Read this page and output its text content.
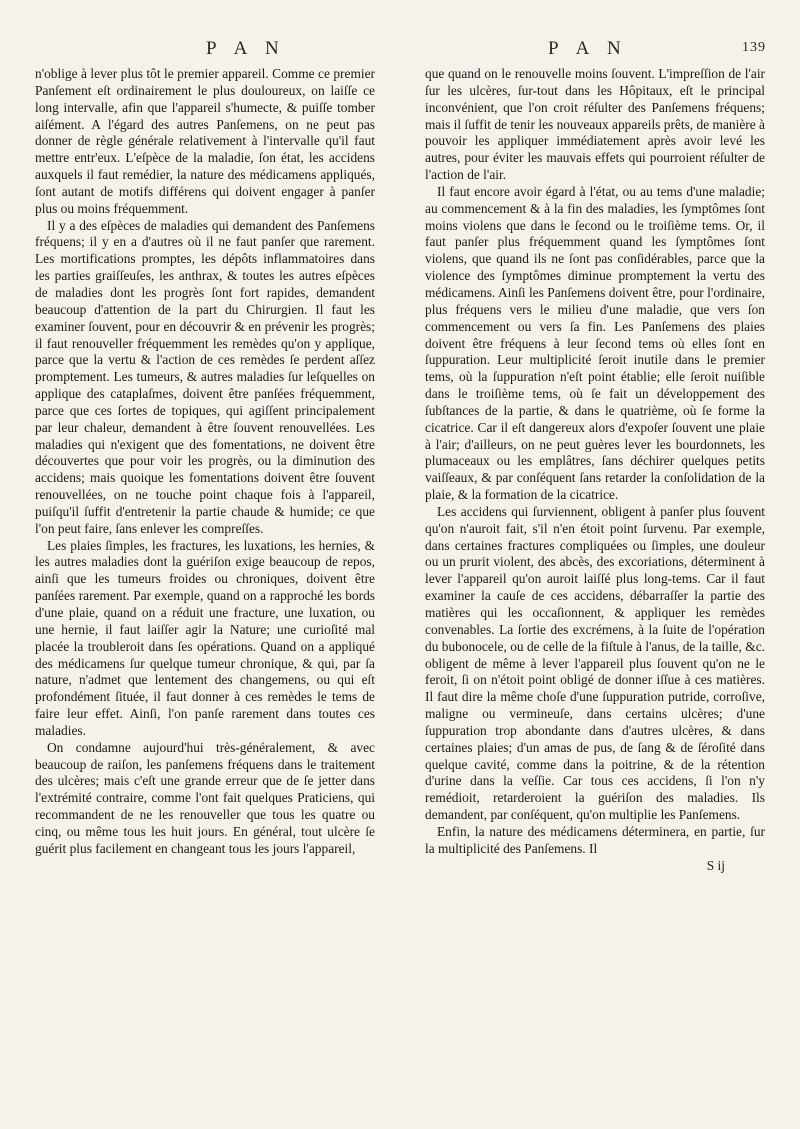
P A N	P A N	139

n'oblige à lever plus tôt le premier appareil. Comme ce premier Panſement eſt ordinairement le plus douloureux, on laiſſe ce long intervalle, afin que l'appareil s'humecte, & puiſſe tomber aiſément. A l'égard des autres Panſemens, on ne peut pas donner de règle générale relativement à l'intervalle qu'il faut mettre entr'eux. L'eſpèce de la maladie, ſon état, les accidens auxquels il faut remédier, la nature des médicamens appliqués, ſont autant de motifs différens qui doivent engager à panſer plus ou moins fréquemment.

Il y a des eſpèces de maladies qui demandent des Panſemens fréquens; il y en a d'autres où il ne faut panſer que rarement. Les mortifications promptes, les dépôts inflammatoires dans les parties graiſſeuſes, les anthrax, & toutes les autres eſpèces de maladies dont les progrès ſont fort rapides, demandent beaucoup d'attention de la part du Chirurgien. Il faut les examiner ſouvent, pour en découvrir & en prévenir les progrès; il faut renouveller fréquemment les remèdes qu'on y applique, parce que la vertu & l'action de ces remèdes ſe perdent aſſez promptement. Les tumeurs, & autres maladies ſur leſquelles on applique des cataplaſmes, doivent être panſées fréquemment, parce que ces ſortes de topiques, qui agiſſent principalement par leur chaleur, demandent à être ſouvent renouvellées. Les maladies qui n'exigent que des fomentations, ne doivent être découvertes que pour voir les progrès, ou la diminution des accidens; mais quoique les fomentations doivent être ſouvent renouvellées, on ne touche point chaque fois à l'appareil, puiſqu'il ſuffit d'entretenir la partie chaude & humide; ce que l'on peut faire, ſans enlever les compreſſes.

Les plaies ſimples, les fractures, les luxations, les hernies, & les autres maladies dont la guériſon exige beaucoup de repos, ainſi que les tumeurs froides ou chroniques, doivent être panſées rarement. Par exemple, quand on a rapproché les bords d'une plaie, quand on a réduit une fracture, une luxation, ou une hernie, il faut laiſſer agir la Nature; une curioſité mal placée la troubleroit dans ſes opérations. Quand on a appliqué des médicamens ſur quelque tumeur chronique, & qui, par ſa nature, n'admet que lentement des changemens, ou qui eſt profondément ſituée, il faut donner à ces remèdes le tems de faire leur effet. Ainſi, l'on panſe rarement dans toutes ces maladies.

On condamne aujourd'hui très-généralement, & avec beaucoup de raiſon, les panſemens fréquens dans le traitement des ulcères; mais c'eſt une grande erreur que de ſe jetter dans l'extrémité contraire, comme l'ont fait quelques Praticiens, qui recommandent de ne les renouveller que tous les quatre ou cinq, ou même tous les huit jours. En général, tout ulcère ſe guérit plus facilement en changeant tous les jours l'appareil,

que quand on le renouvelle moins ſouvent. L'impreſſion de l'air ſur les ulcères, ſur-tout dans les Hôpitaux, eſt le principal inconvénient, que l'on croit réſulter des Panſemens fréquens; mais il ſuffit de tenir les nouveaux appareils prêts, de manière à pouvoir les appliquer immédiatement après avoir levé les autres, pour éviter les mauvais effets qui pourroient réſulter de l'action de l'air.

Il faut encore avoir égard à l'état, ou au tems d'une maladie; au commencement & à la fin des maladies, les ſymptômes ſont moins violens que dans le ſecond ou le troiſième tems. Or, il faut panſer plus fréquemment quand les ſymptômes ſont violens, que quand ils ne ſont pas conſidérables, parce que la violence des ſymptômes diminue promptement la vertu des médicamens. Ainſi les Panſemens doivent être, pour l'ordinaire, plus fréquens vers le milieu d'une maladie, que vers ſon commencement ou vers ſa fin. Les Panſemens des plaies doivent être fréquens à leur ſecond tems où elles ſont en ſuppuration. Leur multiplicité ſeroit inutile dans le premier tems, où la ſuppuration n'eſt point établie; elle ſeroit nuiſible dans le troiſième tems, où ſe fait un développement des ſubſtances de la partie, & dans le quatrième, où ſe forme la cicatrice. Car il eſt dangereux alors d'expoſer ſouvent une plaie à l'air; d'ailleurs, on ne peut guères lever les bourdonnets, les plumaceaux ou les emplâtres, ſans déchirer quelques petits vaiſſeaux, & par conſéquent ſans retarder la conſolidation de la plaie, & la formation de la cicatrice.

Les accidens qui ſurviennent, obligent à panſer plus ſouvent qu'on n'auroit fait, s'il n'en étoit point ſurvenu. Par exemple, dans certaines fractures compliquées ou ſimples, une douleur ou un prurit violent, des abcès, des excoriations, déterminent à lever l'appareil qu'on auroit laiſſé plus long-tems. Car il faut examiner la cauſe de ces accidens, débarraſſer la partie des matières qui les occaſionnent, & appliquer les remèdes convenables. La ſortie des excrémens, à la ſuite de l'opération du bubonocele, ou de celle de la fiſtule à l'anus, de la taille, &c. obligent de même à lever l'appareil plus ſouvent qu'on ne le feroit, ſi on n'étoit point obligé de donner iſſue à ces matières. Il faut dire la même choſe d'une ſuppuration putride, corroſive, maligne ou vermineuſe, dans certains ulcères; d'une ſuppuration trop abondante dans d'autres ulcères, & dans certaines plaies; d'un amas de pus, de ſang & de ſéroſité dans quelque cavité, comme dans la poitrine, & de la rétention d'urine dans la veſſie. Car tous ces accidens, ſi l'on n'y remédioit, retarderoient la guériſon des maladies. Ils demandent, par conſéquent, qu'on multiplie les Panſemens.

Enfin, la nature des médicamens déterminera, en partie, ſur la multiplicité des Panſemens. Il

S ij
